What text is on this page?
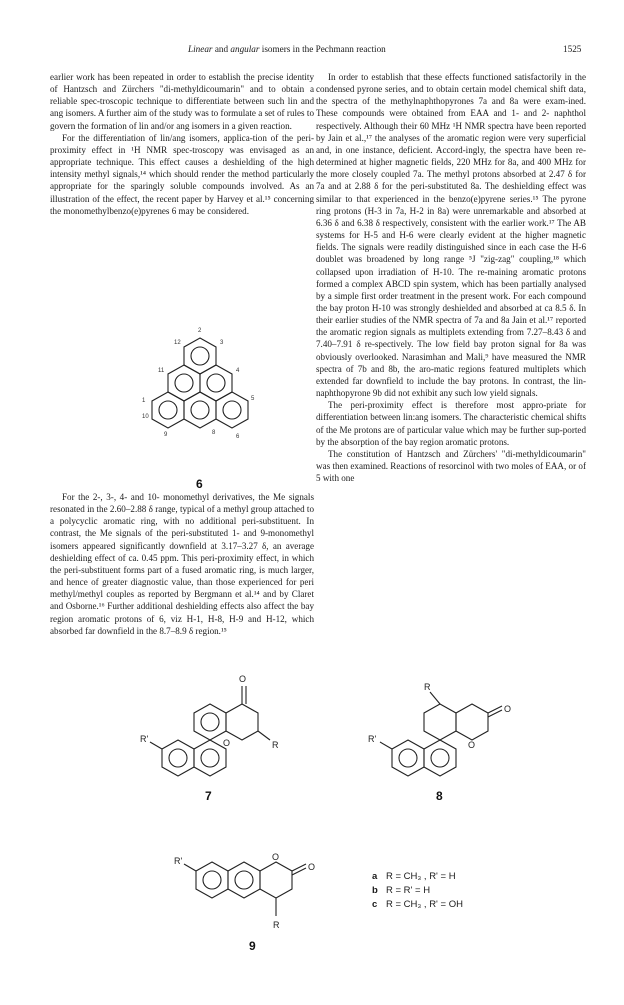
Linear and angular isomers in the Pechmann reaction	1525

earlier work has been repeated in order to establish the precise identity of Hantzsch and Zürchers "di-methyldicoumarin" and to obtain a reliable spec-troscopic technique to differentiate between such lin and ang isomers. A further aim of the study was to formulate a set of rules to govern the formation of lin and/or ang isomers in a given reaction.

For the differentiation of lin/ang isomers, applica-tion of the peri-proximity effect in ¹H NMR spec-troscopy was envisaged as an appropriate technique. This effect causes a deshielding of the high intensity methyl signals,¹⁴ which should render the method particularly appropriate for the sparingly soluble compounds involved. As an illustration of the effect, the recent paper by Harvey et al.¹⁵ concerning the monomethylbenzo(e)pyrenes 6 may be considered.

For the 2-, 3-, 4- and 10- monomethyl derivatives, the Me signals resonated in the 2.60–2.88 δ range, typical of a methyl group attached to a polycyclic aromatic ring, with no additional peri-substituent. In contrast, the Me signals of the peri-substituted 1- and 9-monomethyl isomers appeared significantly downfield at 3.17–3.27 δ, an average deshielding effect of ca. 0.45 ppm. This peri-proximity effect, in which the peri-substituent forms part of a fused aromatic ring, is much larger, and hence of greater diagnostic value, than those experienced for peri methyl/methyl couples as reported by Bergmann et al.¹⁴ and by Claret and Osborne.¹⁶ Further additional deshielding effects also affect the bay region aromatic protons of 6, viz H-1, H-8, H-9 and H-12, which absorbed far downfield in the 8.7–8.9 δ region.¹⁵

2
3
4
5
6
8
9
10
11
12
1
6

In order to establish that these effects functioned satisfactorily in the condensed pyrone series, and to obtain certain model chemical shift data, the spectra of the methylnaphthopyrones 7a and 8a were exam-ined. These compounds were obtained from EAA and 1- and 2- naphthol respectively. Although their 60 MHz ¹H NMR spectra have been reported by Jain et al.,¹⁷ the analyses of the aromatic region were very superficial and, in one instance, deficient. Accord-ingly, the spectra have been re-determined at higher magnetic fields, 220 MHz for 8a, and 400 MHz for the more closely coupled 7a. The methyl protons absorbed at 2.47 δ for 7a and at 2.88 δ for the peri-substituted 8a. The deshielding effect was similar to that experienced in the benzo(e)pyrene series.¹⁵ The pyrone ring protons (H-3 in 7a, H-2 in 8a) were unremarkable and absorbed at 6.36 δ and 6.38 δ respectively, consistent with the earlier work.¹⁷ The AB systems for H-5 and H-6 were clearly evident at the higher magnetic fields. The signals were readily distinguished since in each case the H-6 doublet was broadened by long range ⁵J "zig-zag" coupling,¹⁸ which collapsed upon irradiation of H-10. The re-maining aromatic protons formed a complex ABCD spin system, which has been partially analysed by a simple first order treatment in the present work. For each compound the bay proton H-10 was strongly deshielded and absorbed at ca 8.5 δ. In their earlier studies of the NMR spectra of 7a and 8a Jain et al.¹⁷ reported the aromatic region signals as multiplets extending from 7.27–8.43 δ and 7.40–7.91 δ re-spectively. The low field bay proton signal for 8a was obviously overlooked. Narasimhan and Mali,⁹ have measured the NMR spectra of 7b and 8b, the aro-matic regions featured multiplets which extended far downfield to include the bay protons. In contrast, the lin-naphthopyrone 9b did not exhibit any such low yield signals.

The peri-proximity effect is therefore most appro-priate for differentiation between lin:ang isomers. The characteristic chemical shifts of the Me protons are of particular value which may be further sup-ported by the absorption of the bay region aromatic protons.

The constitution of Hantzsch and Zürchers' "di-methyldicoumarin" was then examined. Reactions of resorcinol with two moles of EAA, or of 5 with one

R'
R
O
O
R
R'
O
O
R'
R
O
O
7	8
9
a R = CH₃ , R' = H
b R = R' = H
c R = CH₃ , R' = OH
